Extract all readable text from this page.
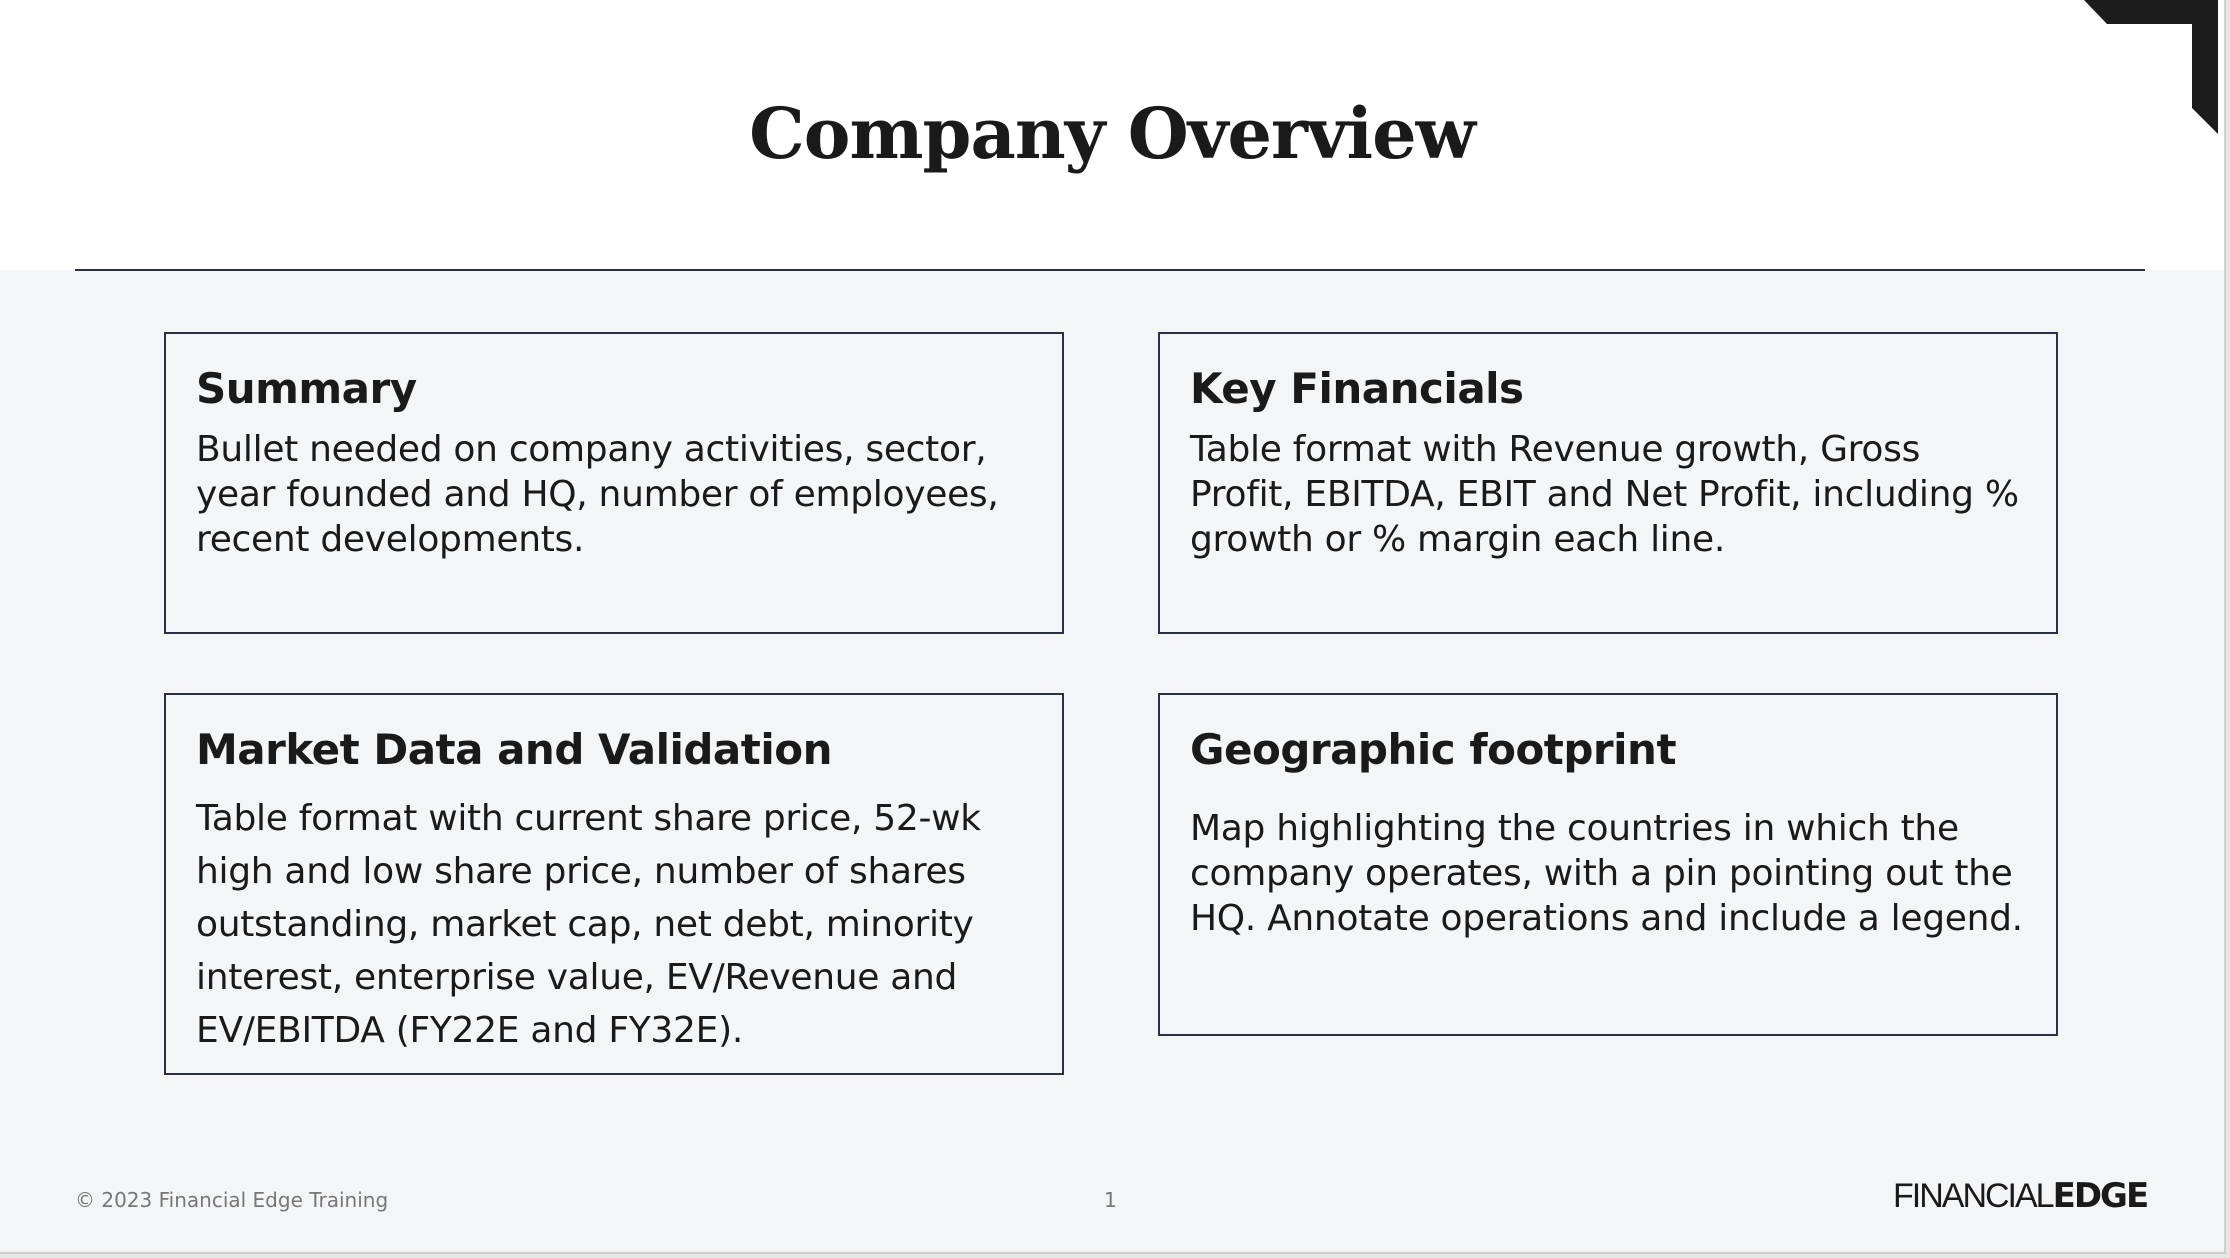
Company Overview
Summary

Bullet needed on company activities, sector, year founded and HQ, number of employees, recent developments.

Key Financials

Table format with Revenue growth, Gross Profit, EBITDA, EBIT and Net Profit, including % growth or % margin each line.

Market Data and Validation

Table format with current share price, 52-wk high and low share price, number of shares outstanding, market cap, net debt, minority interest, enterprise value, EV/Revenue and EV/EBITDA (FY22E and FY32E).

Geographic footprint

Map highlighting the countries in which the company operates, with a pin pointing out the HQ. Annotate operations and include a legend.

© 2023 Financial Edge Training	1	FINANCIALEDGE
